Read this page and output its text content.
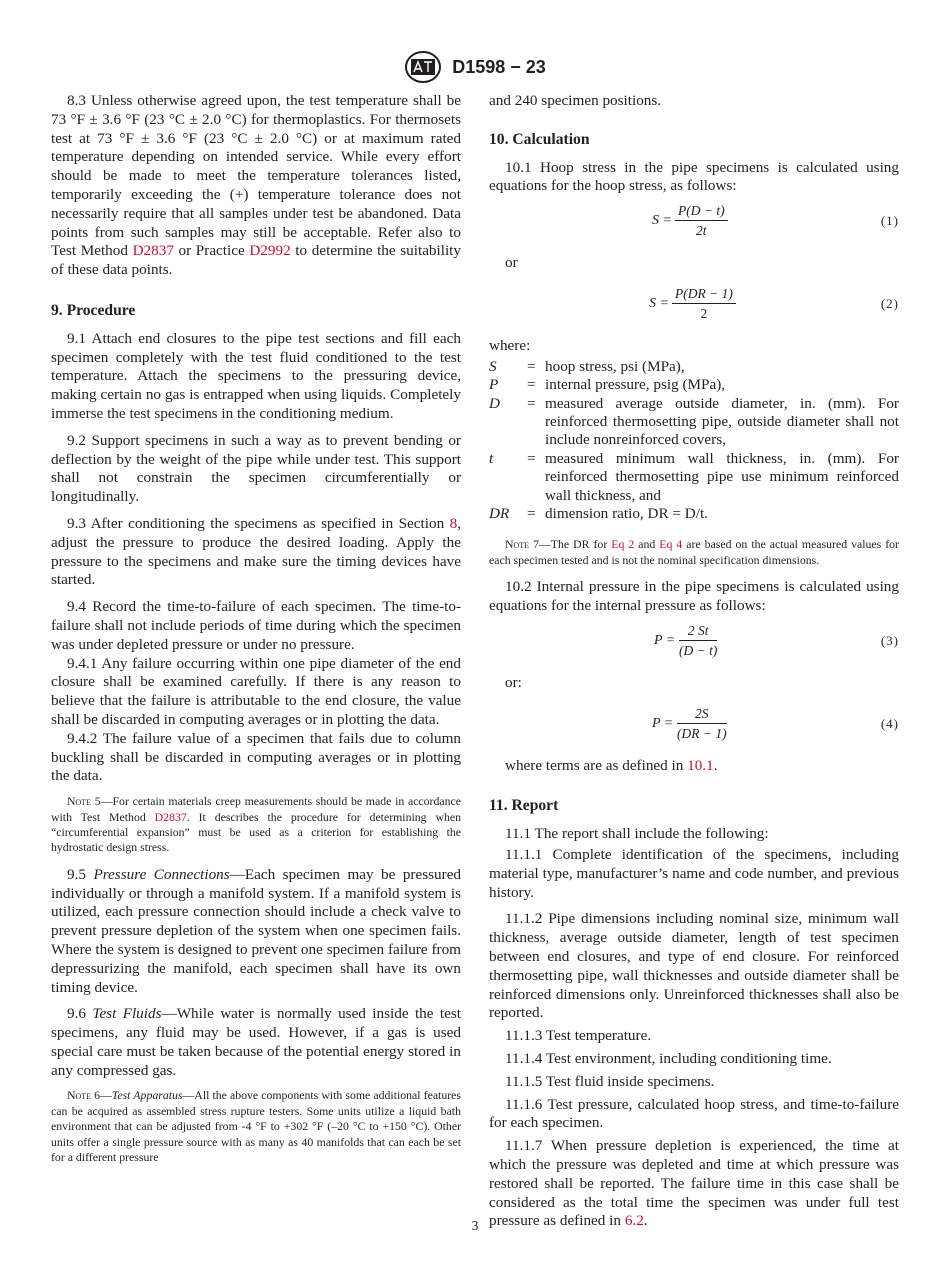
D1598 − 23

8.3 Unless otherwise agreed upon, the test temperature shall be 73 °F ± 3.6 °F (23 °C ± 2.0 °C) for thermoplastics. For thermosets test at 73 °F ± 3.6 °F (23 °C ± 2.0 °C) or at maximum rated temperature depending on intended service. While every effort should be made to meet the temperature tolerances listed, temporarily exceeding the (+) temperature tolerance does not necessarily require that all samples under test be abandoned. Data points from such samples may still be acceptable. Refer also to Test Method D2837 or Practice D2992 to determine the suitability of these data points.

9. Procedure

9.1 Attach end closures to the pipe test sections and fill each specimen completely with the test fluid conditioned to the test temperature. Attach the specimens to the pressuring device, making certain no gas is entrapped when using liquids. Completely immerse the test specimens in the conditioning medium.

9.2 Support specimens in such a way as to prevent bending or deflection by the weight of the pipe while under test. This support shall not constrain the specimen circumferentially or longitudinally.

9.3 After conditioning the specimens as specified in Section 8, adjust the pressure to produce the desired loading. Apply the pressure to the specimens and make sure the timing devices have started.

9.4 Record the time-to-failure of each specimen. The time-to-failure shall not include periods of time during which the specimen was under depleted pressure or under no pressure.

9.4.1 Any failure occurring within one pipe diameter of the end closure shall be examined carefully. If there is any reason to believe that the failure is attributable to the end closure, the value shall be discarded in computing averages or in plotting the data.

9.4.2 The failure value of a specimen that fails due to column buckling shall be discarded in computing averages or in plotting the data.

Note 5—For certain materials creep measurements should be made in accordance with Test Method D2837. It describes the procedure for determining when “circumferential expansion” must be used as a criterion for establishing the hydrostatic design stress.

9.5 Pressure Connections—Each specimen may be pressured individually or through a manifold system. If a manifold system is utilized, each pressure connection should include a check valve to prevent pressure depletion of the system when one specimen fails. Where the system is designed to prevent one specimen failure from depressurizing the manifold, each specimen shall have its own timing device.

9.6 Test Fluids—While water is normally used inside the test specimens, any fluid may be used. However, if a gas is used special care must be taken because of the potential energy stored in any compressed gas.

Note 6—Test Apparatus—All the above components with some additional features can be acquired as assembled stress rupture testers. Some units utilize a liquid bath environment that can be adjusted from -4 °F to +302 °F (–20 °C to +150 °C). Other units offer a single pressure source with as many as 40 manifolds that can each be set for a different pressure

and 240 specimen positions.

10. Calculation

10.1 Hoop stress in the pipe specimens is calculated using equations for the hoop stress, as follows:

$S = \frac{P(D - t)}{2t}$	(1)

or

$S = \frac{P(DR - 1)}{2}$	(2)

where:

S	= hoop stress, psi (MPa),
P	= internal pressure, psig (MPa),
D	= measured average outside diameter, in. (mm). For reinforced thermosetting pipe, outside diameter shall not include nonreinforced covers,
t	= measured minimum wall thickness, in. (mm). For reinforced thermosetting pipe use minimum reinforced wall thickness, and
DR	= dimension ratio, DR = D/t.

Note 7—The DR for Eq 2 and Eq 4 are based on the actual measured values for each specimen tested and is not the nominal specification dimensions.

10.2 Internal pressure in the pipe specimens is calculated using equations for the internal pressure as follows:

$P = \frac{2 St}{(D - t)}$	(3)

or:

$P = \frac{2S}{(DR - 1)}$	(4)

where terms are as defined in 10.1.

11. Report

11.1 The report shall include the following:

11.1.1 Complete identification of the specimens, including material type, manufacturer’s name and code number, and previous history.

11.1.2 Pipe dimensions including nominal size, minimum wall thickness, average outside diameter, length of test specimen between end closures, and type of end closure. For reinforced thermosetting pipe, wall thicknesses and outside diameter shall be reinforced dimensions only. Unreinforced thicknesses shall also be reported.

11.1.3 Test temperature.

11.1.4 Test environment, including conditioning time.

11.1.5 Test fluid inside specimens.

11.1.6 Test pressure, calculated hoop stress, and time-to-failure for each specimen.

11.1.7 When pressure depletion is experienced, the time at which the pressure was depleted and time at which pressure was restored shall be reported. The failure time in this case shall be considered as the total time the specimen was under full test pressure as defined in 6.2.

3
